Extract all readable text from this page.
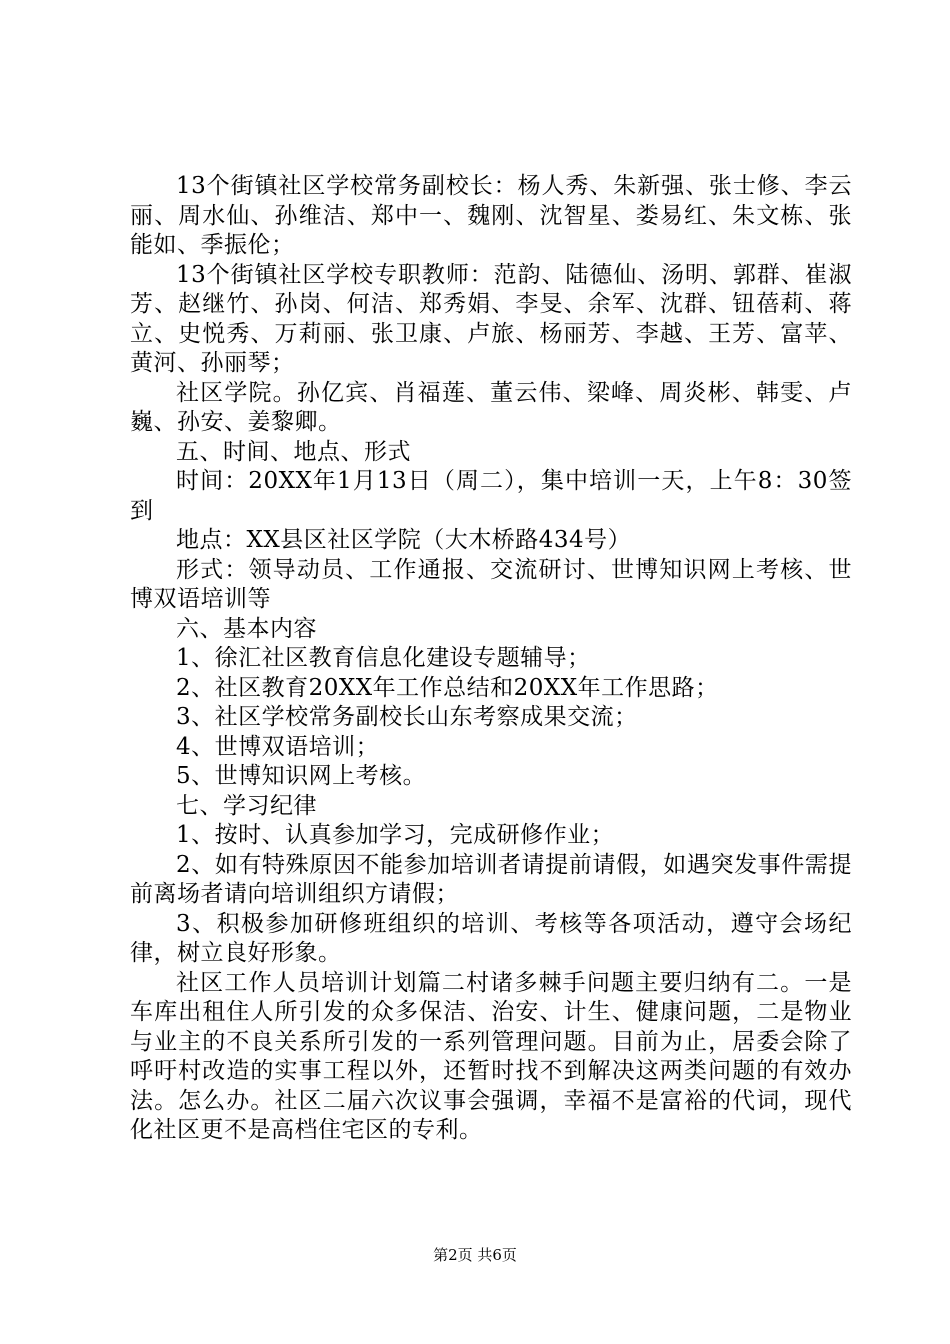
13个街镇社区学校常务副校长：杨人秀、朱新强、张士修、李云丽、周水仙、孙维洁、郑中一、魏刚、沈智星、娄易红、朱文栋、张能如、季振伦；

13个街镇社区学校专职教师：范韵、陆德仙、汤明、郭群、崔淑芳、赵继竹、孙岗、何洁、郑秀娟、李旻、余军、沈群、钮蓓莉、蒋立、史悦秀、万莉丽、张卫康、卢旅、杨丽芳、李越、王芳、富苹、黄河、孙丽琴；

社区学院。孙亿宾、肖福莲、董云伟、梁峰、周炎彬、韩雯、卢巍、孙安、姜黎卿。

五、时间、地点、形式

时间：20XX年1月13日（周二），集中培训一天，上午8：30签到

地点：XX县区社区学院（大木桥路434号）

形式：领导动员、工作通报、交流研讨、世博知识网上考核、世博双语培训等

六、基本内容

1、徐汇社区教育信息化建设专题辅导；

2、社区教育20XX年工作总结和20XX年工作思路；

3、社区学校常务副校长山东考察成果交流；

4、世博双语培训；

5、世博知识网上考核。

七、学习纪律

1、按时、认真参加学习，完成研修作业；

2、如有特殊原因不能参加培训者请提前请假，如遇突发事件需提前离场者请向培训组织方请假；

3、积极参加研修班组织的培训、考核等各项活动，遵守会场纪律，树立良好形象。

社区工作人员培训计划篇二村诸多棘手问题主要归纳有二。一是车库出租住人所引发的众多保洁、治安、计生、健康问题，二是物业与业主的不良关系所引发的一系列管理问题。目前为止，居委会除了呼吁村改造的实事工程以外，还暂时找不到解决这两类问题的有效办法。怎么办。社区二届六次议事会强调，幸福不是富裕的代词，现代化社区更不是高档住宅区的专利。

第2页 共6页
